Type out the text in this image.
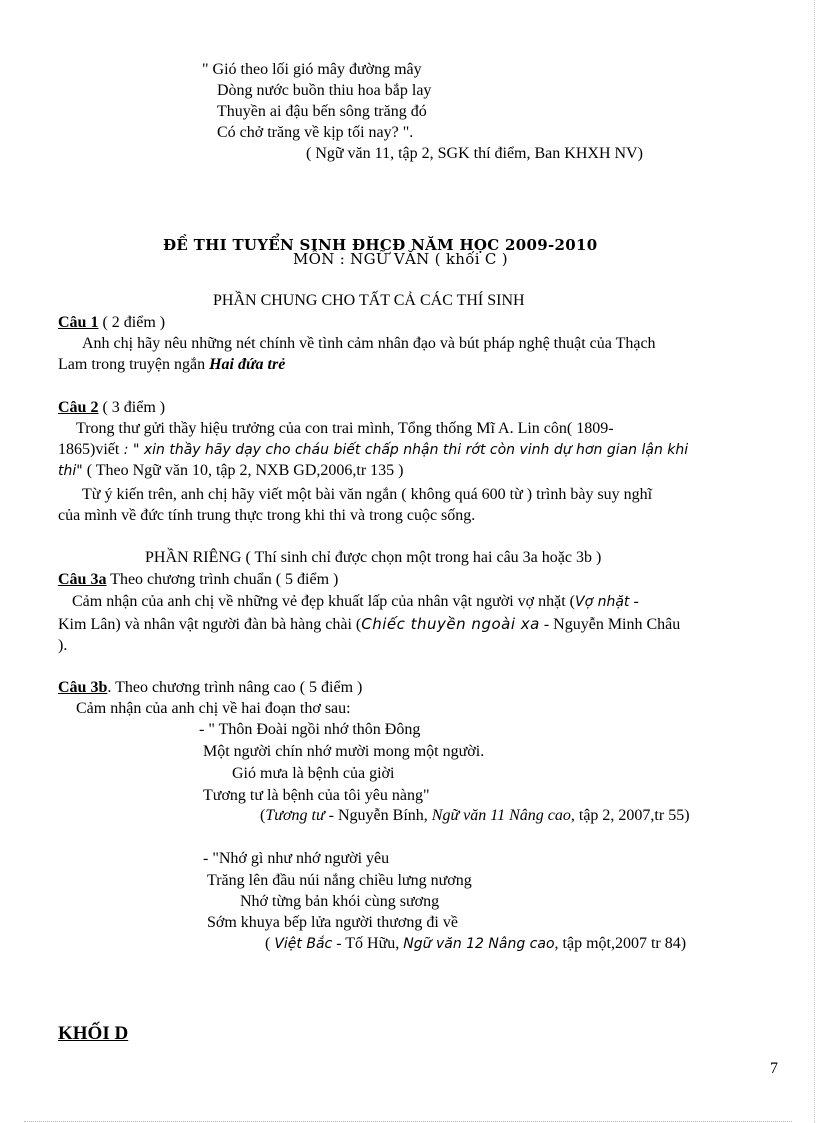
" Gió theo lối gió mây đường mây
Dòng nước buồn thiu hoa bắp lay
Thuyền ai đậu bến sông trăng đó
Có chở trăng về kịp tối nay? ".
( Ngữ văn 11, tập 2, SGK thí điểm, Ban KHXH NV)
ĐỀ THI TUYỂN SINH ĐHCĐ NĂM HỌC 2009-2010
MÔN : NGỮ VĂN ( khối C )
PHẦN CHUNG CHO TẤT CẢ CÁC THÍ SINH
Câu 1 ( 2 điểm )
Anh chị hãy nêu những nét chính về tình cảm nhân đạo và bút pháp nghệ thuật của Thạch
Lam trong truyện ngắn Hai đứa trẻ
Câu 2 ( 3 điểm )
Trong thư gửi thầy hiệu trưởng của con trai mình, Tổng thống Mĩ A. Lin côn( 1809-
1865)viết : " xin thầy hãy dạy cho cháu biết chấp nhận thi rớt còn vinh dự hơn gian lận khi
thi" ( Theo Ngữ văn 10, tập 2, NXB GD,2006,tr 135 )
Từ ý kiến trên, anh chị hãy viết một bài văn ngắn ( không quá 600 từ ) trình bày suy nghĩ
của mình về đức tính trung thực trong khi thi và trong cuộc sống.
PHẦN RIÊNG ( Thí sinh chỉ được chọn một trong hai câu 3a hoặc 3b )
Câu 3a Theo chương trình chuẩn ( 5 điểm )
Cảm nhận của anh chị về những vẻ đẹp khuất lấp của nhân vật người vợ nhặt (Vợ nhặt -
Kim Lân) và nhân vật người đàn bà hàng chài (Chiếc thuyền ngoài xa - Nguyễn Minh Châu
).
Câu 3b. Theo chương trình nâng cao ( 5 điểm )
Cảm nhận của anh chị về hai đoạn thơ sau:
- " Thôn Đoài ngồi nhớ thôn Đông
Một người chín nhớ mười mong một người.
Gió mưa là bệnh của giời
Tương tư là bệnh của tôi yêu nàng"
(Tương tư - Nguyễn Bính, Ngữ văn 11 Nâng cao, tập 2, 2007,tr 55)
- "Nhớ gì như nhớ người yêu
Trăng lên đầu núi nắng chiều lưng nương
Nhớ từng bản khói cùng sương
Sớm khuya bếp lửa người thương đi về
( Việt Bắc - Tố Hữu, Ngữ văn 12 Nâng cao, tập một,2007 tr 84)
KHỐI D
7
